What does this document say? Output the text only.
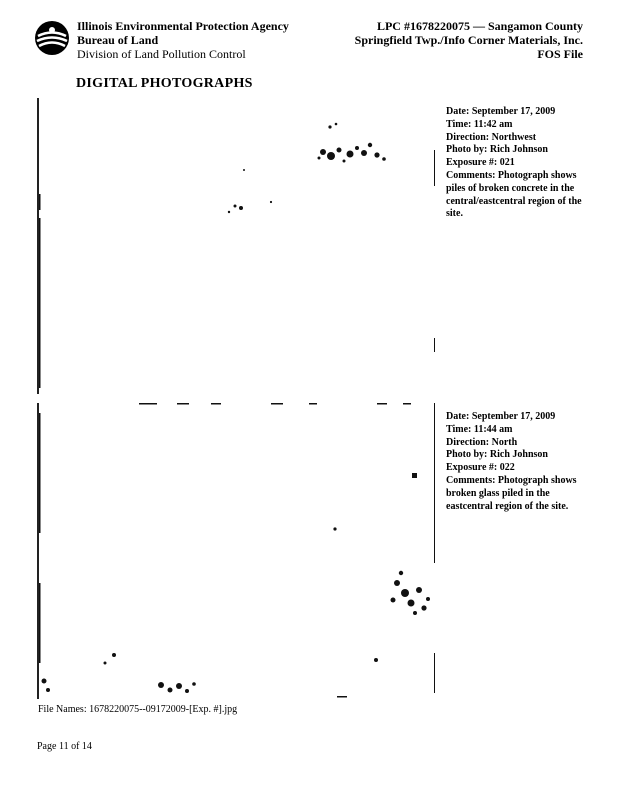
Illinois Environmental Protection Agency
Bureau of Land
Division of Land Pollution Control
LPC #1678220075 — Sangamon County
Springfield Twp./Info Corner Materials, Inc.
FOS File
DIGITAL PHOTOGRAPHS
Date: September 17, 2009
Time: 11:42 am
Direction: Northwest
Photo by: Rich Johnson
Exposure #: 021
Comments: Photograph shows piles of broken concrete in the central/eastcentral region of the site.
Date: September 17, 2009
Time: 11:44 am
Direction: North
Photo by: Rich Johnson
Exposure #: 022
Comments: Photograph shows broken glass piled in the eastcentral region of the site.
File Names: 1678220075--09172009-[Exp. #].jpg
Page 11 of 14
